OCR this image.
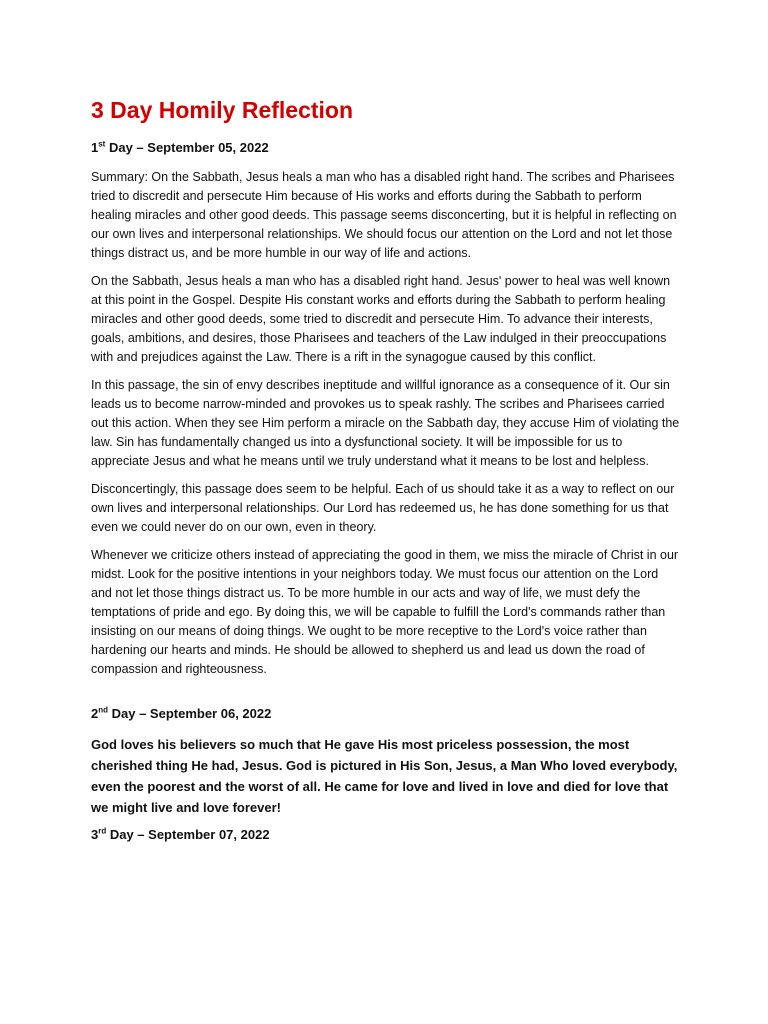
3 Day Homily Reflection
1st Day – September 05, 2022

Summary: On the Sabbath, Jesus heals a man who has a disabled right hand. The scribes and Pharisees tried to discredit and persecute Him because of His works and efforts during the Sabbath to perform healing miracles and other good deeds. This passage seems disconcerting, but it is helpful in reflecting on our own lives and interpersonal relationships. We should focus our attention on the Lord and not let those things distract us, and be more humble in our way of life and actions.

On the Sabbath, Jesus heals a man who has a disabled right hand. Jesus' power to heal was well known at this point in the Gospel. Despite His constant works and efforts during the Sabbath to perform healing miracles and other good deeds, some tried to discredit and persecute Him. To advance their interests, goals, ambitions, and desires, those Pharisees and teachers of the Law indulged in their preoccupations with and prejudices against the Law. There is a rift in the synagogue caused by this conflict.

In this passage, the sin of envy describes ineptitude and willful ignorance as a consequence of it. Our sin leads us to become narrow-minded and provokes us to speak rashly. The scribes and Pharisees carried out this action. When they see Him perform a miracle on the Sabbath day, they accuse Him of violating the law. Sin has fundamentally changed us into a dysfunctional society. It will be impossible for us to appreciate Jesus and what he means until we truly understand what it means to be lost and helpless.

Disconcertingly, this passage does seem to be helpful. Each of us should take it as a way to reflect on our own lives and interpersonal relationships. Our Lord has redeemed us, he has done something for us that even we could never do on our own, even in theory.

Whenever we criticize others instead of appreciating the good in them, we miss the miracle of Christ in our midst. Look for the positive intentions in your neighbors today. We must focus our attention on the Lord and not let those things distract us. To be more humble in our acts and way of life, we must defy the temptations of pride and ego. By doing this, we will be capable to fulfill the Lord's commands rather than insisting on our means of doing things. We ought to be more receptive to the Lord's voice rather than hardening our hearts and minds. He should be allowed to shepherd us and lead us down the road of compassion and righteousness.

2nd Day – September 06, 2022

God loves his believers so much that He gave His most priceless possession, the most cherished thing He had, Jesus. God is pictured in His Son, Jesus, a Man Who loved everybody, even the poorest and the worst of all. He came for love and lived in love and died for love that we might live and love forever!

3rd Day – September 07, 2022
